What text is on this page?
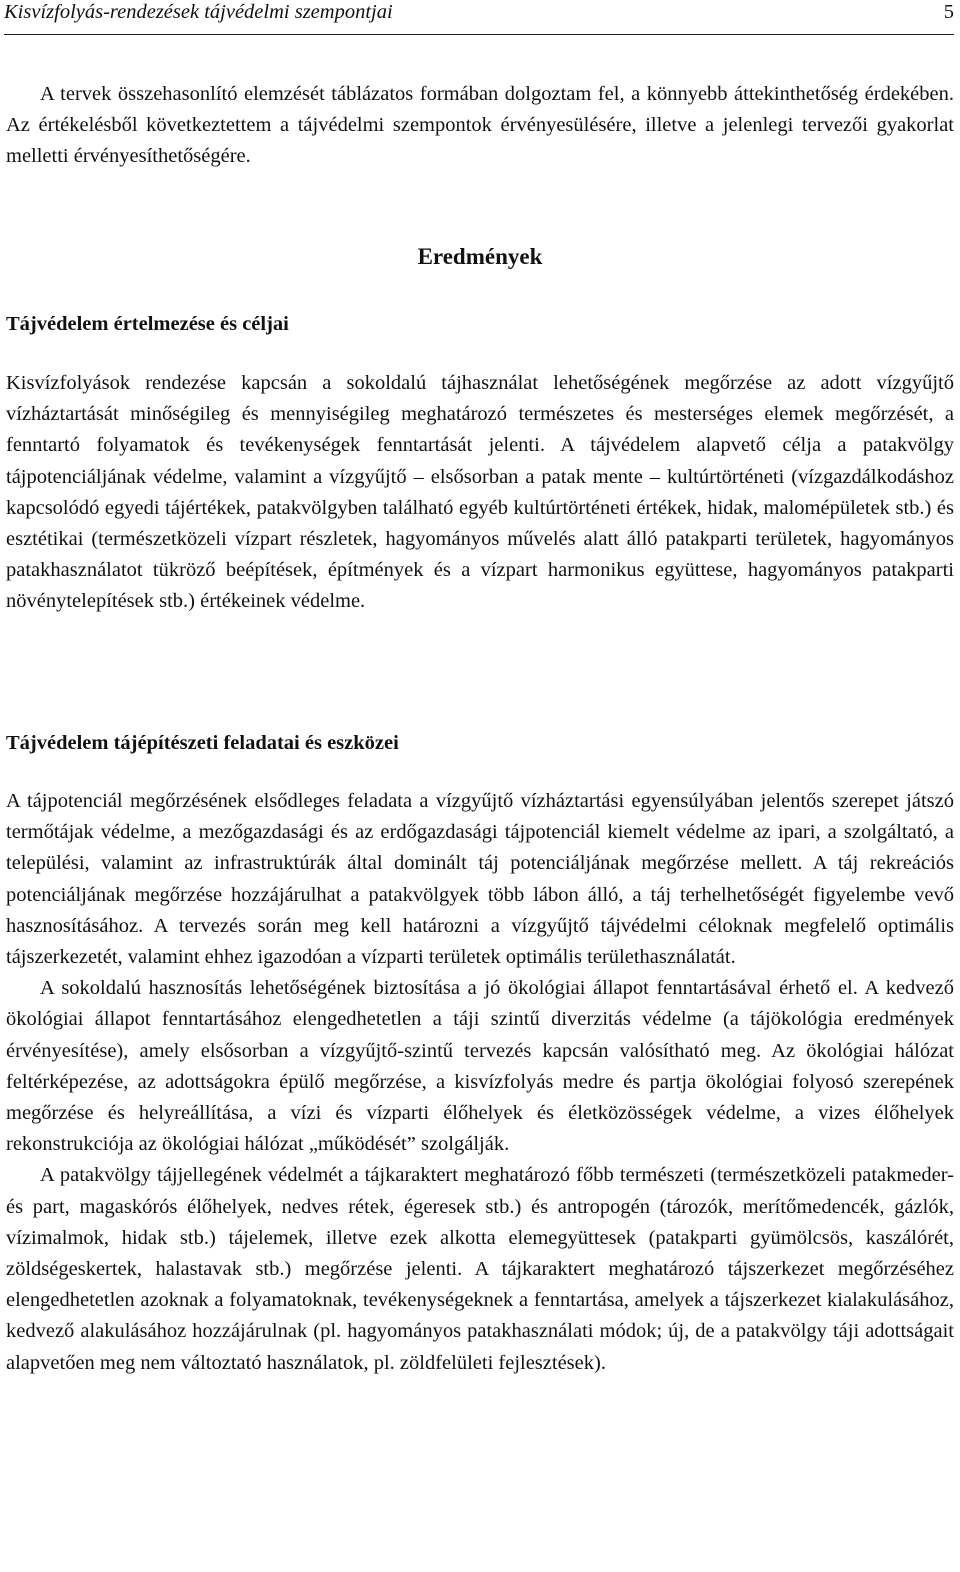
Kisvízfolyás-rendezések tájvédelmi szempontjai	5

A tervek összehasonlító elemzését táblázatos formában dolgoztam fel, a könnyebb áttekinthetőség érdekében. Az értékelésből következtettem a tájvédelmi szempontok érvényesülésére, illetve a jelenlegi tervezői gyakorlat melletti érvényesíthetőségére.

Eredmények
Tájvédelem értelmezése és céljai

Kisvízfolyások rendezése kapcsán a sokoldalú tájhasználat lehetőségének megőrzése az adott vízgyűjtő vízháztartását minőségileg és mennyiségileg meghatározó természetes és mesterséges elemek megőrzését, a fenntartó folyamatok és tevékenységek fenntartását jelenti. A tájvédelem alapvető célja a patakvölgy tájpotenciáljának védelme, valamint a vízgyűjtő – elsősorban a patak mente – kultúrtörténeti (vízgazdálkodáshoz kapcsolódó egyedi tájértékek, patakvölgyben található egyéb kultúrtörténeti értékek, hidak, malomépületek stb.) és esztétikai (természetközeli vízpart részletek, hagyományos művelés alatt álló patakparti területek, hagyományos patakhasználatot tükröző beépítések, építmények és a vízpart harmonikus együttese, hagyományos patakparti növénytelepítések stb.) értékeinek védelme.

Tájvédelem tájépítészeti feladatai és eszközei

A tájpotenciál megőrzésének elsődleges feladata a vízgyűjtő vízháztartási egyensúlyában jelentős szerepet játszó termőtájak védelme, a mezőgazdasági és az erdőgazdasági tájpotenciál kiemelt védelme az ipari, a szolgáltató, a települési, valamint az infrastruktúrák által dominált táj potenciáljának megőrzése mellett. A táj rekreációs potenciáljának megőrzése hozzájárulhat a patakvölgyek több lábon álló, a táj terhelhetőségét figyelembe vevő hasznosításához. A tervezés során meg kell határozni a vízgyűjtő tájvédelmi céloknak megfelelő optimális tájszerkezetét, valamint ehhez igazodóan a vízparti területek optimális területhasználatát.

A sokoldalú hasznosítás lehetőségének biztosítása a jó ökológiai állapot fenntartásával érhető el. A kedvező ökológiai állapot fenntartásához elengedhetetlen a táji szintű diverzitás védelme (a tájökológia eredmények érvényesítése), amely elsősorban a vízgyűjtő-szintű tervezés kapcsán valósítható meg. Az ökológiai hálózat feltérképezése, az adottságokra épülő megőrzése, a kisvízfolyás medre és partja ökológiai folyosó szerepének megőrzése és helyreállítása, a vízi és vízparti élőhelyek és életközösségek védelme, a vizes élőhelyek rekonstrukciója az ökológiai hálózat „működését” szolgálják.

A patakvölgy tájjellegének védelmét a tájkaraktert meghatározó főbb természeti (természetközeli patakmeder- és part, magaskórós élőhelyek, nedves rétek, égeresek stb.) és antropogén (tározók, merítőmedencék, gázlók, vízimalmok, hidak stb.) tájelemek, illetve ezek alkotta elemegyüttesek (patakparti gyümölcsös, kaszálórét, zöldségeskertek, halastavak stb.) megőrzése jelenti. A tájkaraktert meghatározó tájszerkezet megőrzéséhez elengedhetetlen azoknak a folyamatoknak, tevékenységeknek a fenntartása, amelyek a tájszerkezet kialakulásához, kedvező alakulásához hozzájárulnak (pl. hagyományos patakhasználati módok; új, de a patakvölgy táji adottságait alapvetően meg nem változtató használatok, pl. zöldfelületi fejlesztések).
